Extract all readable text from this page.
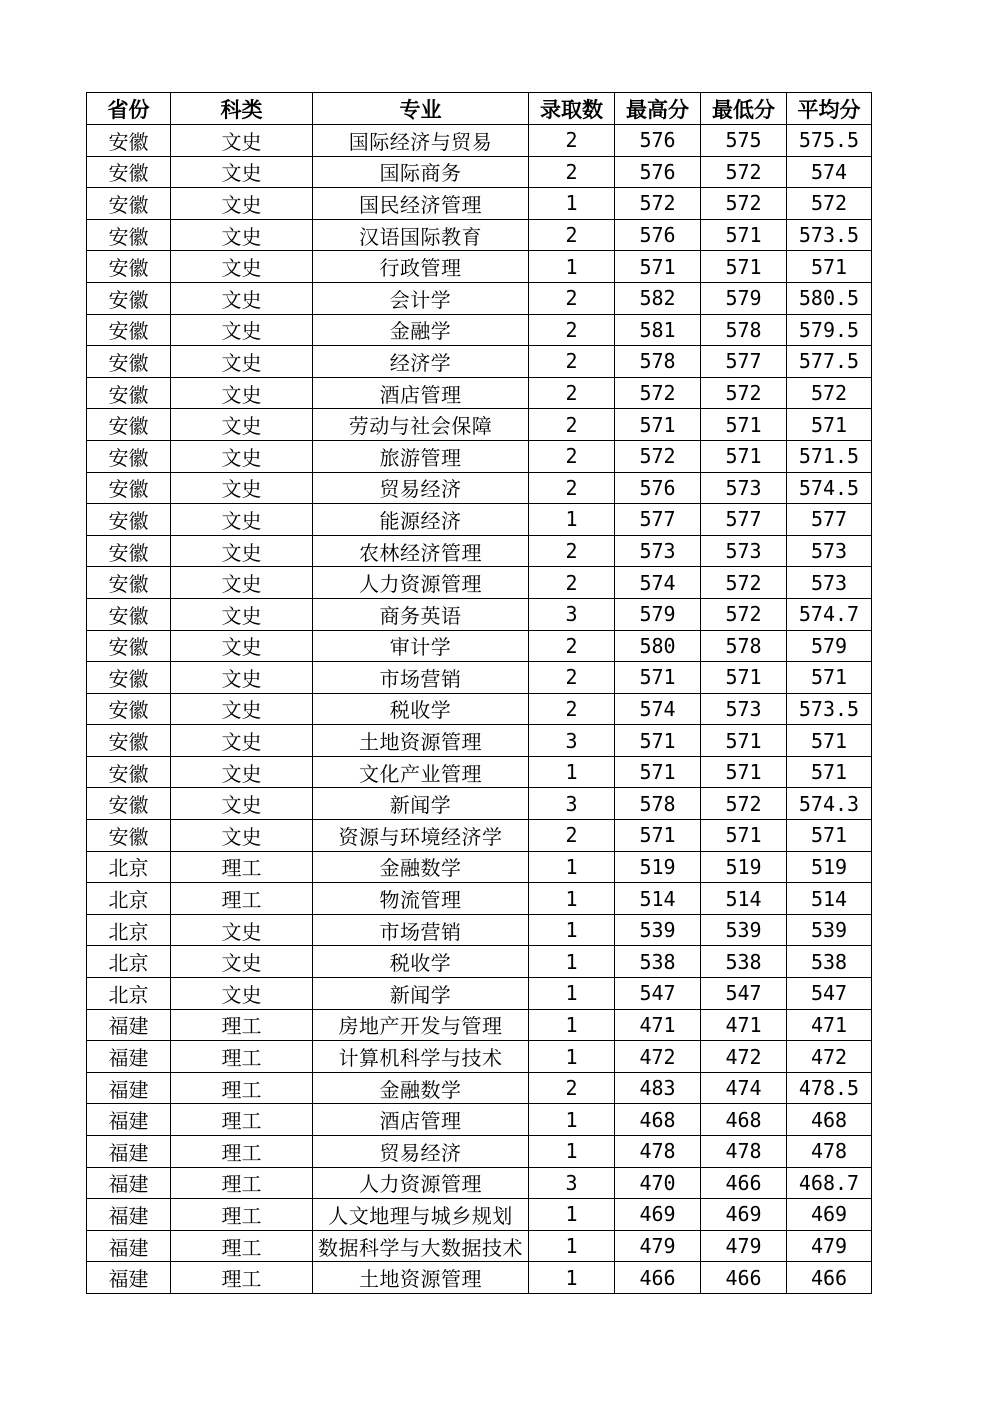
省份	科类	专业	录取数	最高分	最低分	平均分
安徽	文史	国际经济与贸易	2	576	575	575.5
安徽	文史	国际商务	2	576	572	574
安徽	文史	国民经济管理	1	572	572	572
安徽	文史	汉语国际教育	2	576	571	573.5
安徽	文史	行政管理	1	571	571	571
安徽	文史	会计学	2	582	579	580.5
安徽	文史	金融学	2	581	578	579.5
安徽	文史	经济学	2	578	577	577.5
安徽	文史	酒店管理	2	572	572	572
安徽	文史	劳动与社会保障	2	571	571	571
安徽	文史	旅游管理	2	572	571	571.5
安徽	文史	贸易经济	2	576	573	574.5
安徽	文史	能源经济	1	577	577	577
安徽	文史	农林经济管理	2	573	573	573
安徽	文史	人力资源管理	2	574	572	573
安徽	文史	商务英语	3	579	572	574.7
安徽	文史	审计学	2	580	578	579
安徽	文史	市场营销	2	571	571	571
安徽	文史	税收学	2	574	573	573.5
安徽	文史	土地资源管理	3	571	571	571
安徽	文史	文化产业管理	1	571	571	571
安徽	文史	新闻学	3	578	572	574.3
安徽	文史	资源与环境经济学	2	571	571	571
北京	理工	金融数学	1	519	519	519
北京	理工	物流管理	1	514	514	514
北京	文史	市场营销	1	539	539	539
北京	文史	税收学	1	538	538	538
北京	文史	新闻学	1	547	547	547
福建	理工	房地产开发与管理	1	471	471	471
福建	理工	计算机科学与技术	1	472	472	472
福建	理工	金融数学	2	483	474	478.5
福建	理工	酒店管理	1	468	468	468
福建	理工	贸易经济	1	478	478	478
福建	理工	人力资源管理	3	470	466	468.7
福建	理工	人文地理与城乡规划	1	469	469	469
福建	理工	数据科学与大数据技术	1	479	479	479
福建	理工	土地资源管理	1	466	466	466
